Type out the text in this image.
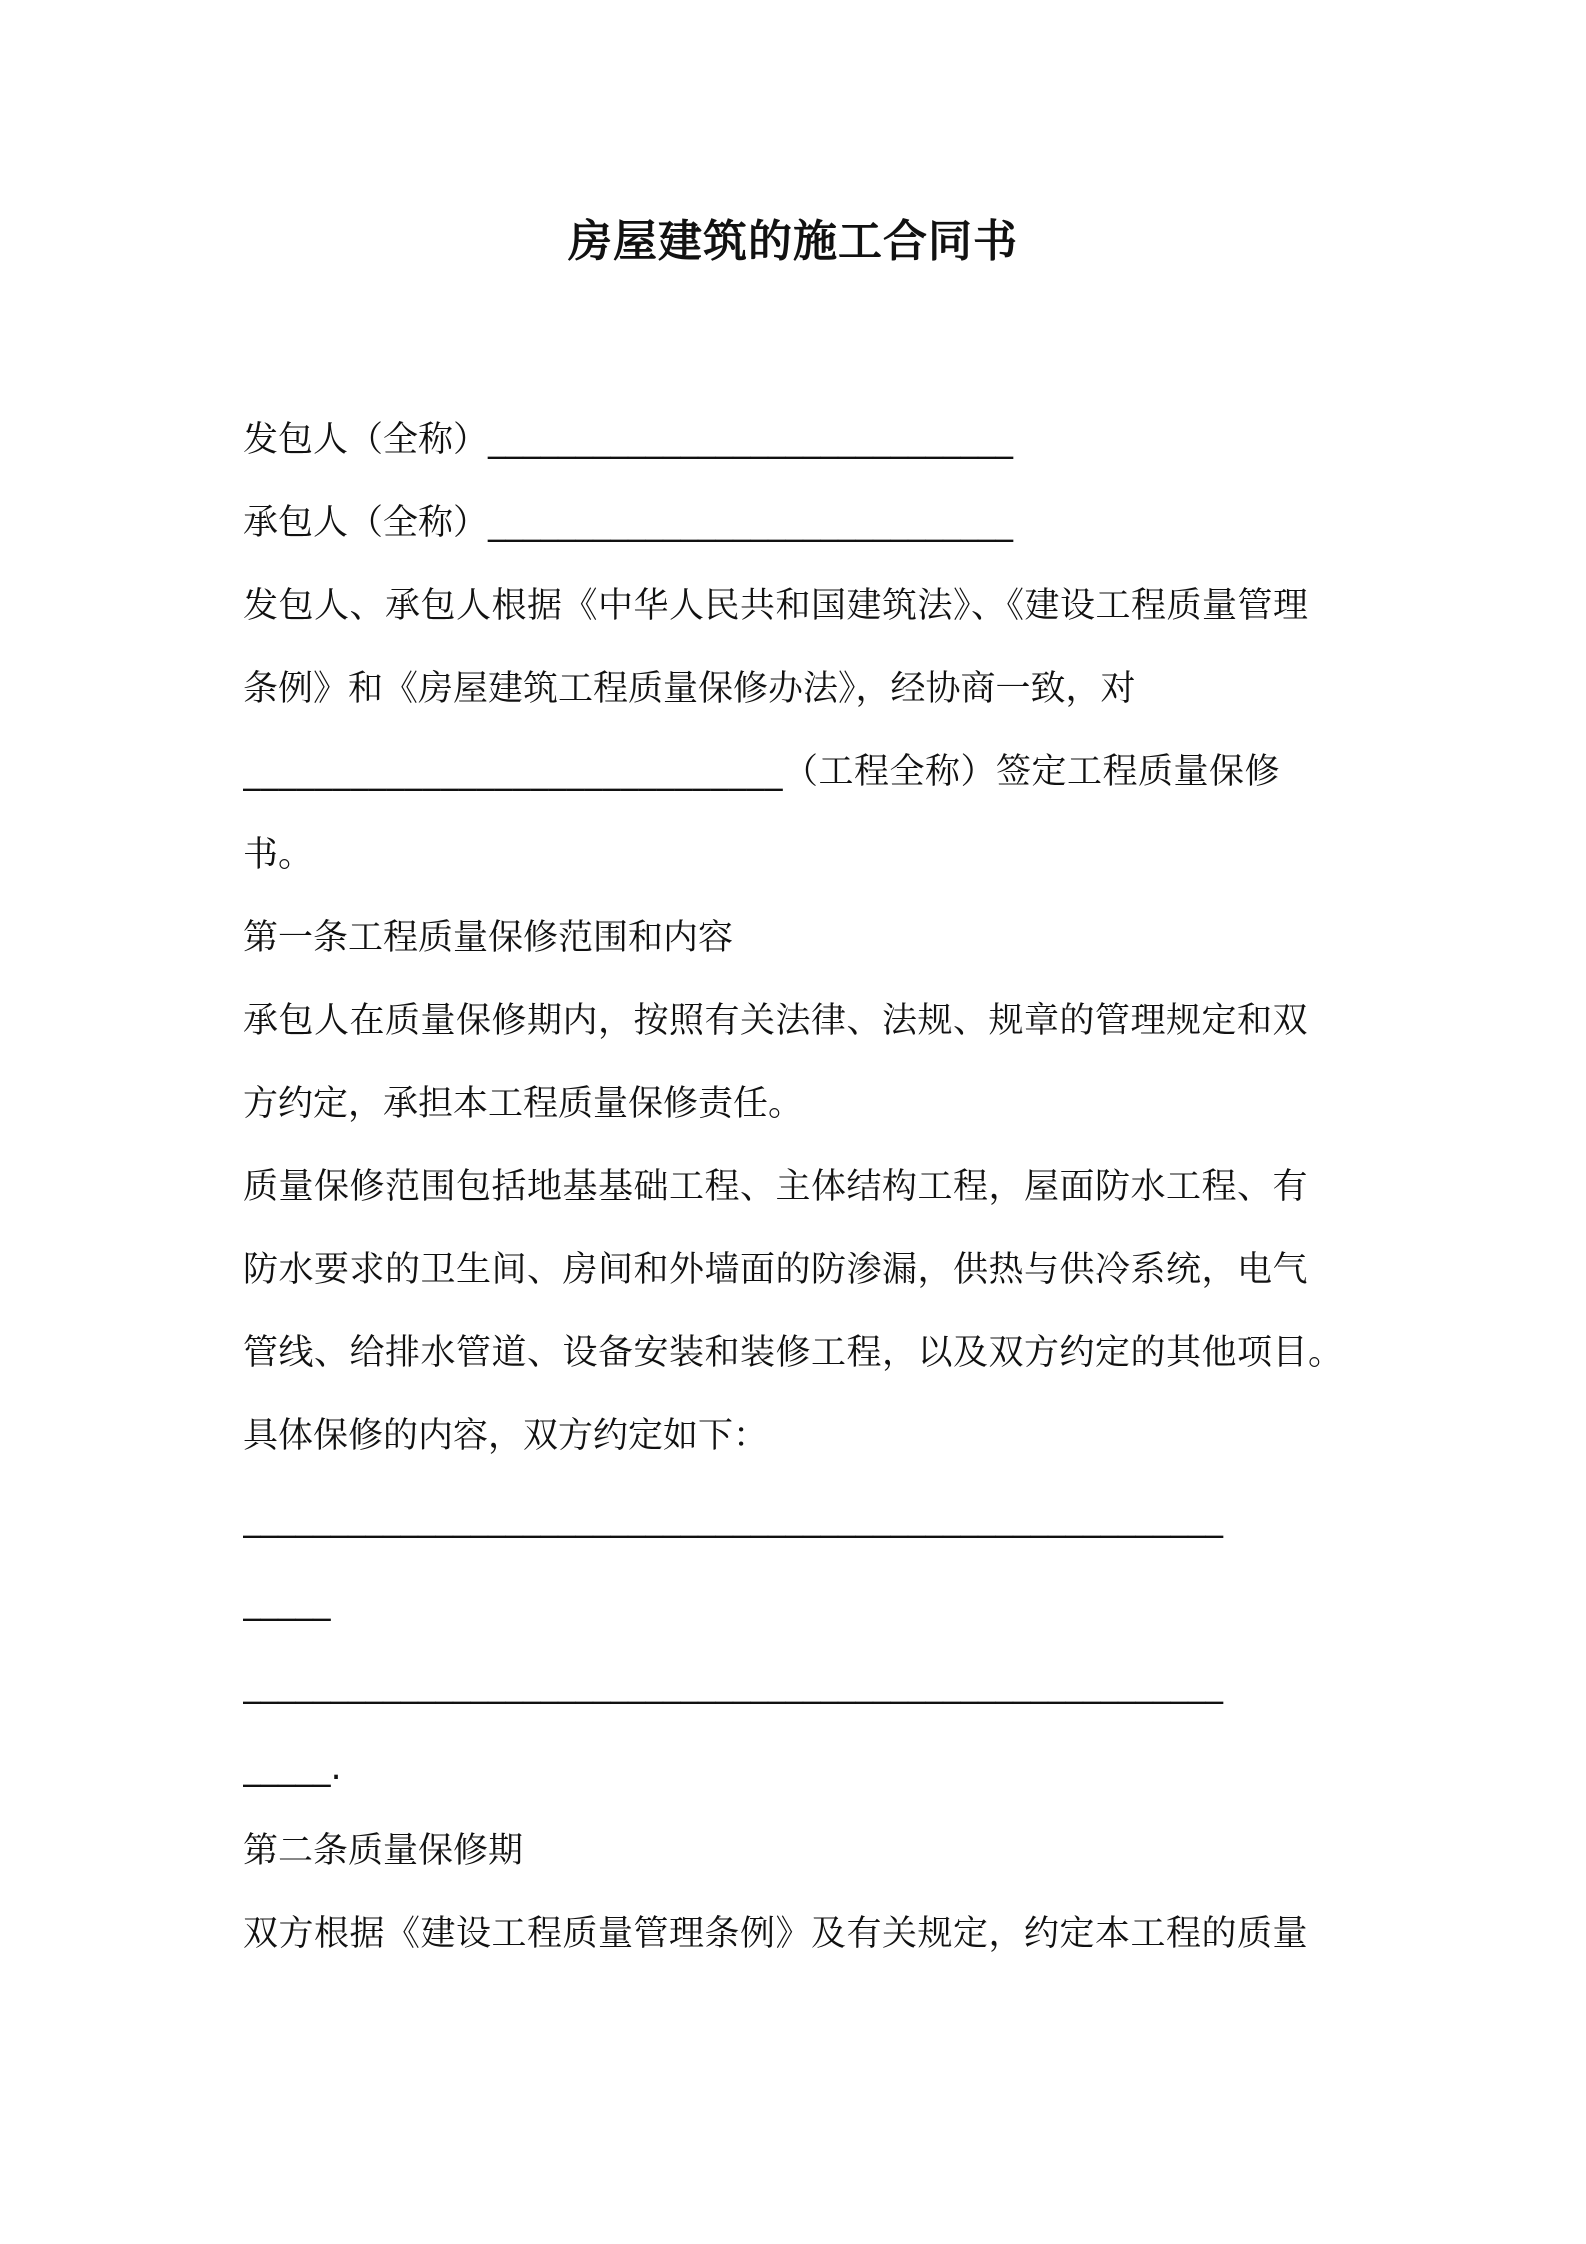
房屋建筑的施工合同书
发包人（全称）______________________________
承包人（全称）______________________________
发包人、承包人根据《中华人民共和国建筑法》、《建设工程质量管理
条例》和《房屋建筑工程质量保修办法》，经协商一致，对
______________________________（工程全称）签定工程质量保修
书。
第一条工程质量保修范围和内容
承包人在质量保修期内，按照有关法律、法规、规章的管理规定和双
方约定，承担本工程质量保修责任。
质量保修范围包括地基基础工程、主体结构工程，屋面防水工程、有
防水要求的卫生间、房间和外墙面的防渗漏，供热与供冷系统，电气
管线、给排水管道、设备安装和装修工程，以及双方约定的其他项目。
具体保修的内容，双方约定如下：
________________________________________________________
_____
________________________________________________________
_____.
第二条质量保修期
双方根据《建设工程质量管理条例》及有关规定，约定本工程的质量
